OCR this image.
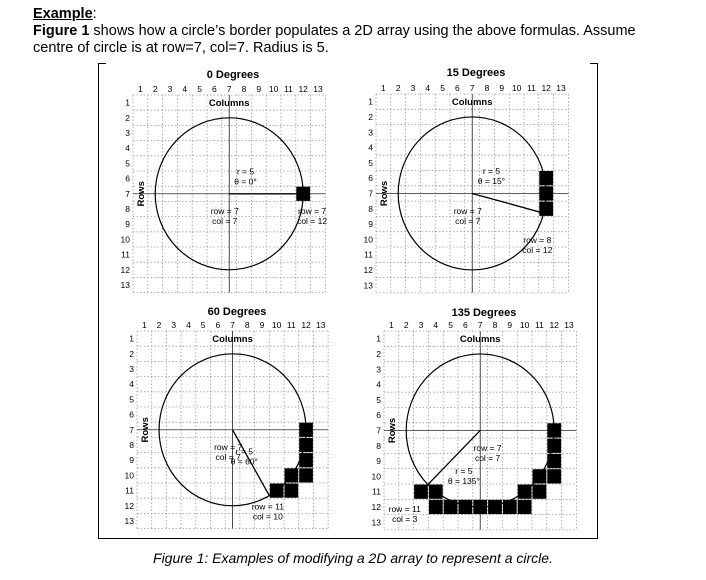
Example:
Figure 1 shows how a circle’s border populates a 2D array using the above formulas. Assume
centre of circle is at row=7, col=7. Radius is 5.
0 Degrees	15 Degrees
60 Degrees	135 Degrees
1 2 3 4 5 6 7 8 9 10 11 12 13
1
2
3
4
5
6
7
8
9
10
11
12
13
Columns
Rows
r = 5
θ = 0°
row = 7
col = 7
row = 7
col = 12
1 2 3 4 5 6 7 8 9 10 11 12 13
1
2
3
4
5
6
7
8
9
10
11
12
13
Columns
Rows
r = 5
θ = 15°
row = 7
col = 7
row = 8
col = 12
1 2 3 4 5 6 7 8 9 10 11 12 13
1
2
3
4
5
6
7
8
9
10
11
12
13
Columns
Rows
row = 7
col = 7
r = 5
θ = 60°
row = 11
col = 10
1 2 3 4 5 6 7 8 9 10 11 12 13
1
2
3
4
5
6
7
8
9
10
11
12
13
Columns
Rows
row = 7
col = 7
r = 5
θ = 135°
row = 11
col = 3
Figure 1: Examples of modifying a 2D array to represent a circle.
